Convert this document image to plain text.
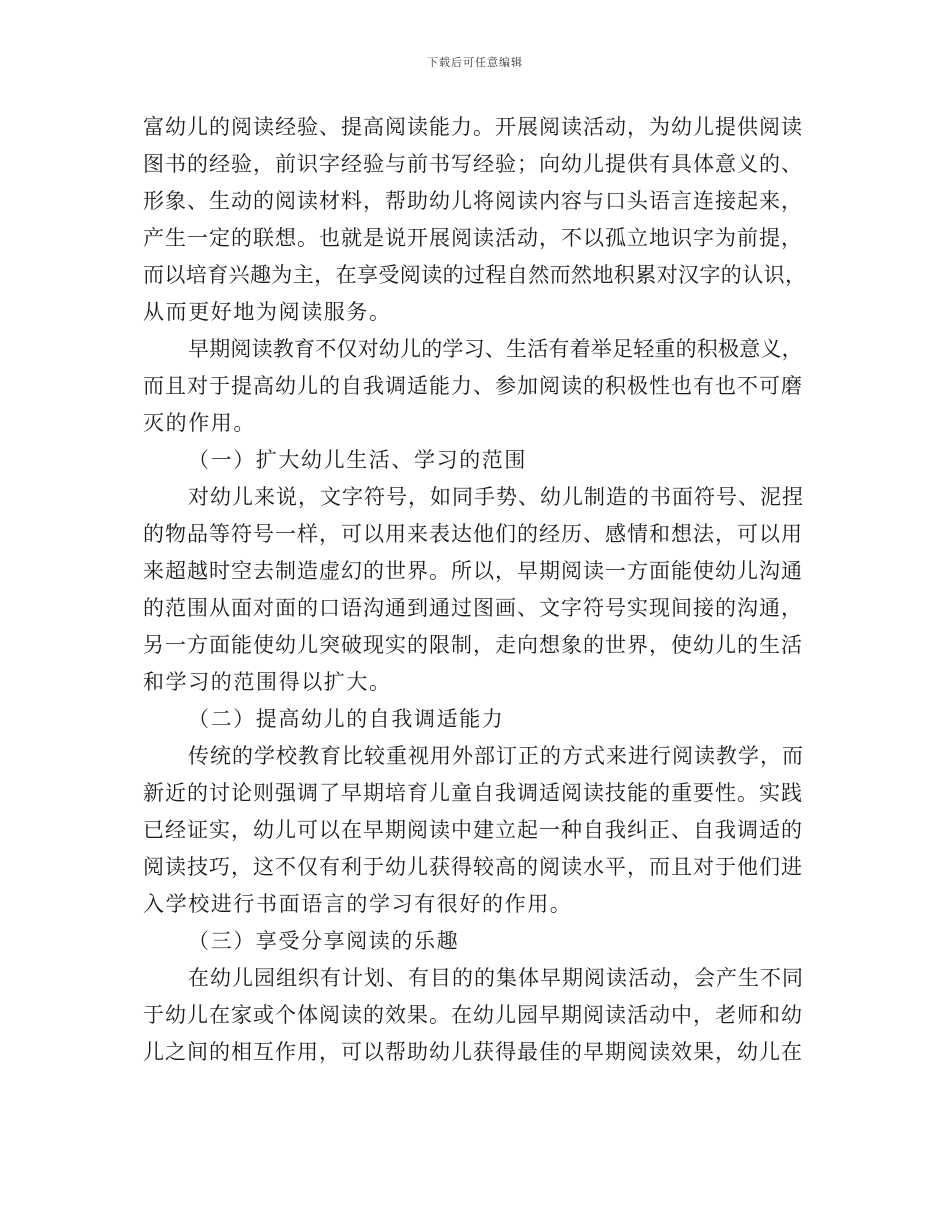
下载后可任意编辑
富幼儿的阅读经验、提高阅读能力。开展阅读活动，为幼儿提供阅读
图书的经验，前识字经验与前书写经验；向幼儿提供有具体意义的、
形象、生动的阅读材料，帮助幼儿将阅读内容与口头语言连接起来，
产生一定的联想。也就是说开展阅读活动，不以孤立地识字为前提，
而以培育兴趣为主，在享受阅读的过程自然而然地积累对汉字的认识，
从而更好地为阅读服务。
早期阅读教育不仅对幼儿的学习、生活有着举足轻重的积极意义，
而且对于提高幼儿的自我调适能力、参加阅读的积极性也有也不可磨
灭的作用。
（一）扩大幼儿生活、学习的范围
对幼儿来说，文字符号，如同手势、幼儿制造的书面符号、泥捏
的物品等符号一样，可以用来表达他们的经历、感情和想法，可以用
来超越时空去制造虚幻的世界。所以，早期阅读一方面能使幼儿沟通
的范围从面对面的口语沟通到通过图画、文字符号实现间接的沟通，
另一方面能使幼儿突破现实的限制，走向想象的世界，使幼儿的生活
和学习的范围得以扩大。
（二）提高幼儿的自我调适能力
传统的学校教育比较重视用外部订正的方式来进行阅读教学，而
新近的讨论则强调了早期培育儿童自我调适阅读技能的重要性。实践
已经证实，幼儿可以在早期阅读中建立起一种自我纠正、自我调适的
阅读技巧，这不仅有利于幼儿获得较高的阅读水平，而且对于他们进
入学校进行书面语言的学习有很好的作用。
（三）享受分享阅读的乐趣
在幼儿园组织有计划、有目的的集体早期阅读活动，会产生不同
于幼儿在家或个体阅读的效果。在幼儿园早期阅读活动中，老师和幼
儿之间的相互作用，可以帮助幼儿获得最佳的早期阅读效果，幼儿在
